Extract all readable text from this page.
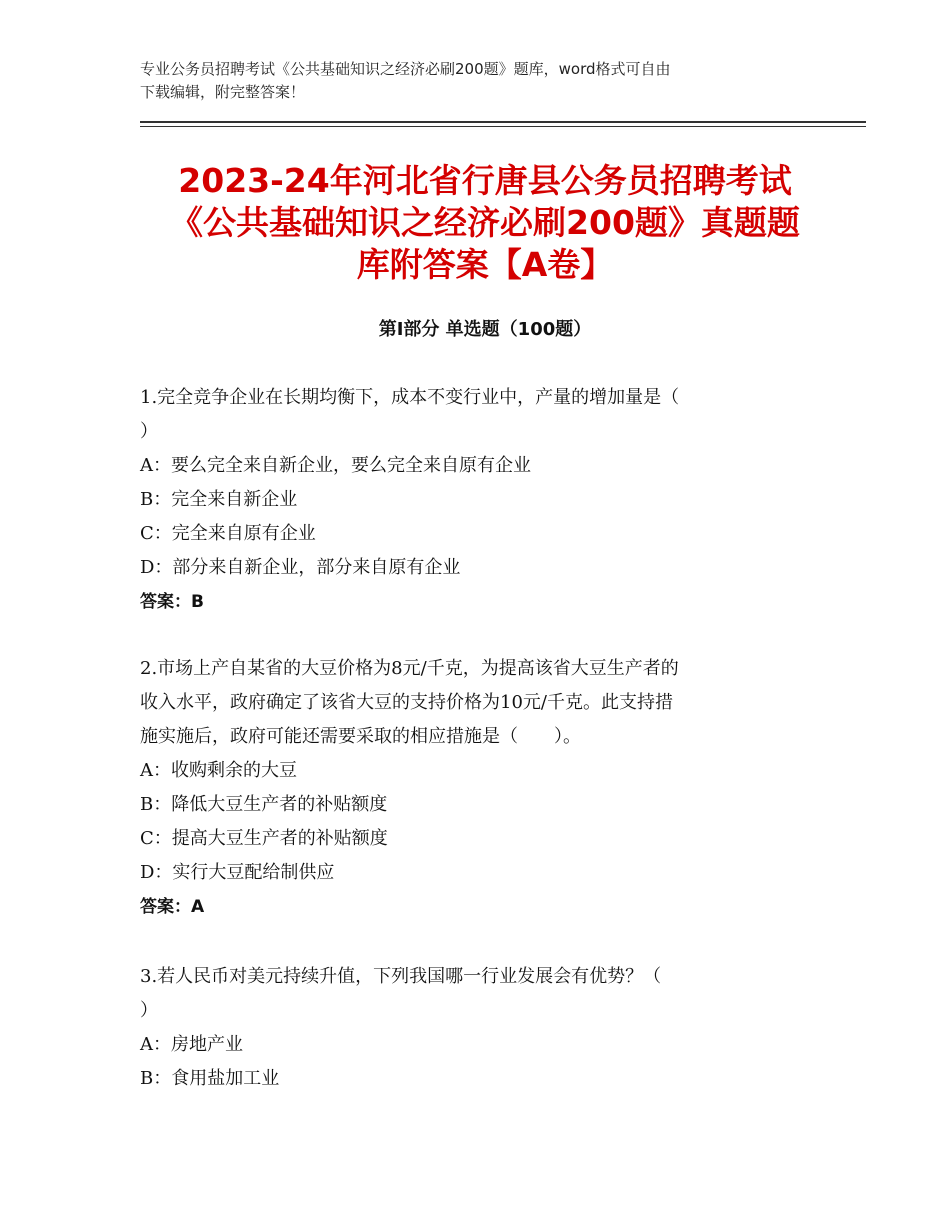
专业公务员招聘考试《公共基础知识之经济必刷200题》题库，word格式可自由
下载编辑，附完整答案！
2023-24年河北省行唐县公务员招聘考试
《公共基础知识之经济必刷200题》真题题
库附答案【A卷】
第Ⅰ部分 单选题（100题）
1.完全竞争企业在长期均衡下，成本不变行业中，产量的增加量是（
）
A：要么完全来自新企业，要么完全来自原有企业
B：完全来自新企业
C：完全来自原有企业
D：部分来自新企业，部分来自原有企业
答案：B
2.市场上产自某省的大豆价格为8元/千克，为提高该省大豆生产者的
收入水平，政府确定了该省大豆的支持价格为10元/千克。此支持措
施实施后，政府可能还需要采取的相应措施是（　　）。
A：收购剩余的大豆
B：降低大豆生产者的补贴额度
C：提高大豆生产者的补贴额度
D：实行大豆配给制供应
答案：A
3.若人民币对美元持续升值，下列我国哪一行业发展会有优势？（
）
A：房地产业
B：食用盐加工业
